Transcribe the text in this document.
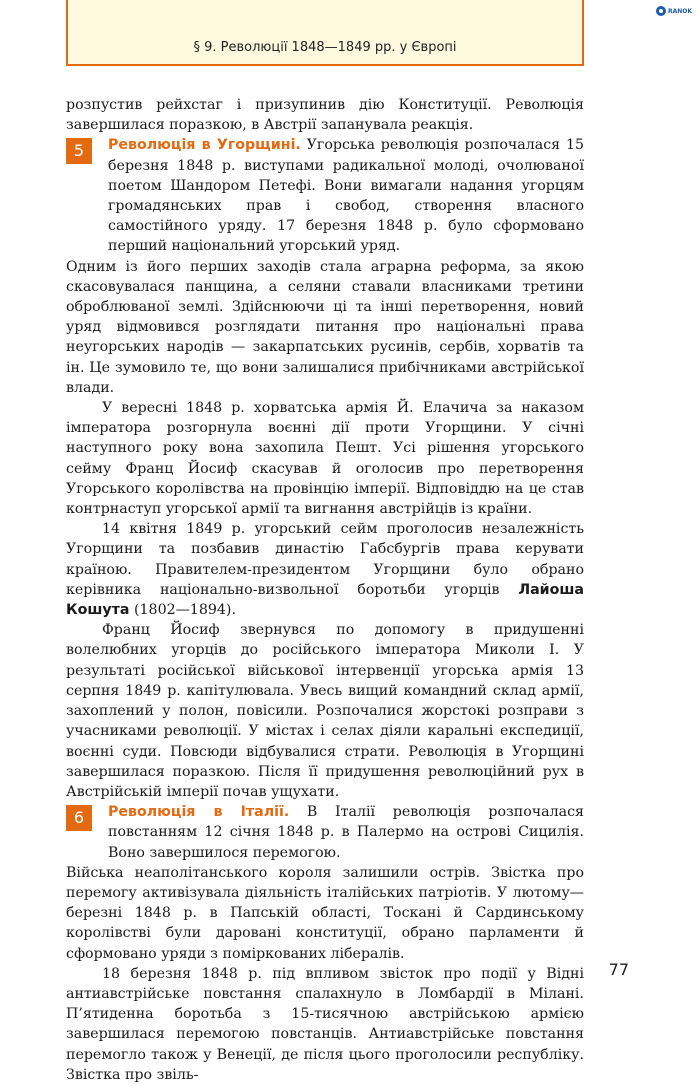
§ 9. Революції 1848—1849 рр. у Європі
RANOK

розпустив рейхстаг і призупинив дію Конституції. Революція завершилася поразкою, в Австрії запанувала реакція.

5	Революція в Угорщині. Угорська революція розпочалася 15 березня 1848 р. виступами радикальної молоді, очолюваної поетом Шандором Петефі. Вони вимагали надання угорцям громадянських прав і свобод, створення власного самостійного уряду. 17 березня 1848 р. було сформовано перший національний угорський уряд.

Одним із його перших заходів стала аграрна реформа, за якою скасовувалася панщина, а селяни ставали власниками третини оброблюваної землі. Здійснюючи ці та інші перетворення, новий уряд відмовився розглядати питання про національні права неугорських народів — закарпатських русинів, сербів, хорватів та ін. Це зумовило те, що вони залишалися прибічниками австрійської влади.

У вересні 1848 р. хорватська армія Й. Елачича за наказом імператора розгорнула воєнні дії проти Угорщини. У січні наступного року вона захопила Пешт. Усі рішення угорського сейму Франц Йосиф скасував й оголосив про перетворення Угорського королівства на провінцію імперії. Відповіддю на це став контрнаступ угорської армії та вигнання австрійців із країни.

14 квітня 1849 р. угорський сейм проголосив незалежність Угорщини та позбавив династію Габсбургів права керувати країною. Правителем-президентом Угорщини було обрано керівника національно-визвольної боротьби угорців Лайоша Кошута (1802—1894).

Франц Йосиф звернувся по допомогу в придушенні волелюбних угорців до російського імператора Миколи І. У результаті російської військової інтервенції угорська армія 13 серпня 1849 р. капітулювала. Увесь вищий командний склад армії, захоплений у полон, повісили. Розпочалися жорстокі розправи з учасниками революції. У містах і селах діяли каральні експедиції, воєнні суди. Повсюди відбувалися страти. Революція в Угорщині завершилася поразкою. Після її придушення революційний рух в Австрійській імперії почав ущухати.

6	Революція в Італії. В Італії революція розпочалася повстанням 12 січня 1848 р. в Палермо на острові Сицилія. Воно завершилося перемогою.

Війська неаполітанського короля залишили острів. Звістка про перемогу активізувала діяльність італійських патріотів. У лютому—березні 1848 р. в Папській області, Тоскані й Сардинському королівстві були даровані конституції, обрано парламенти й сформовано уряди з поміркованих лібералів.

18 березня 1848 р. під впливом звісток про події у Відні антиавстрійське повстання спалахнуло в Ломбардії в Мілані. П’ятиденна боротьба з 15-тисячною австрійською армією завершилася перемогою повстанців. Антиавстрійське повстання перемогло також у Венеції, де після цього проголосили республіку. Звістка про звіль-

77
